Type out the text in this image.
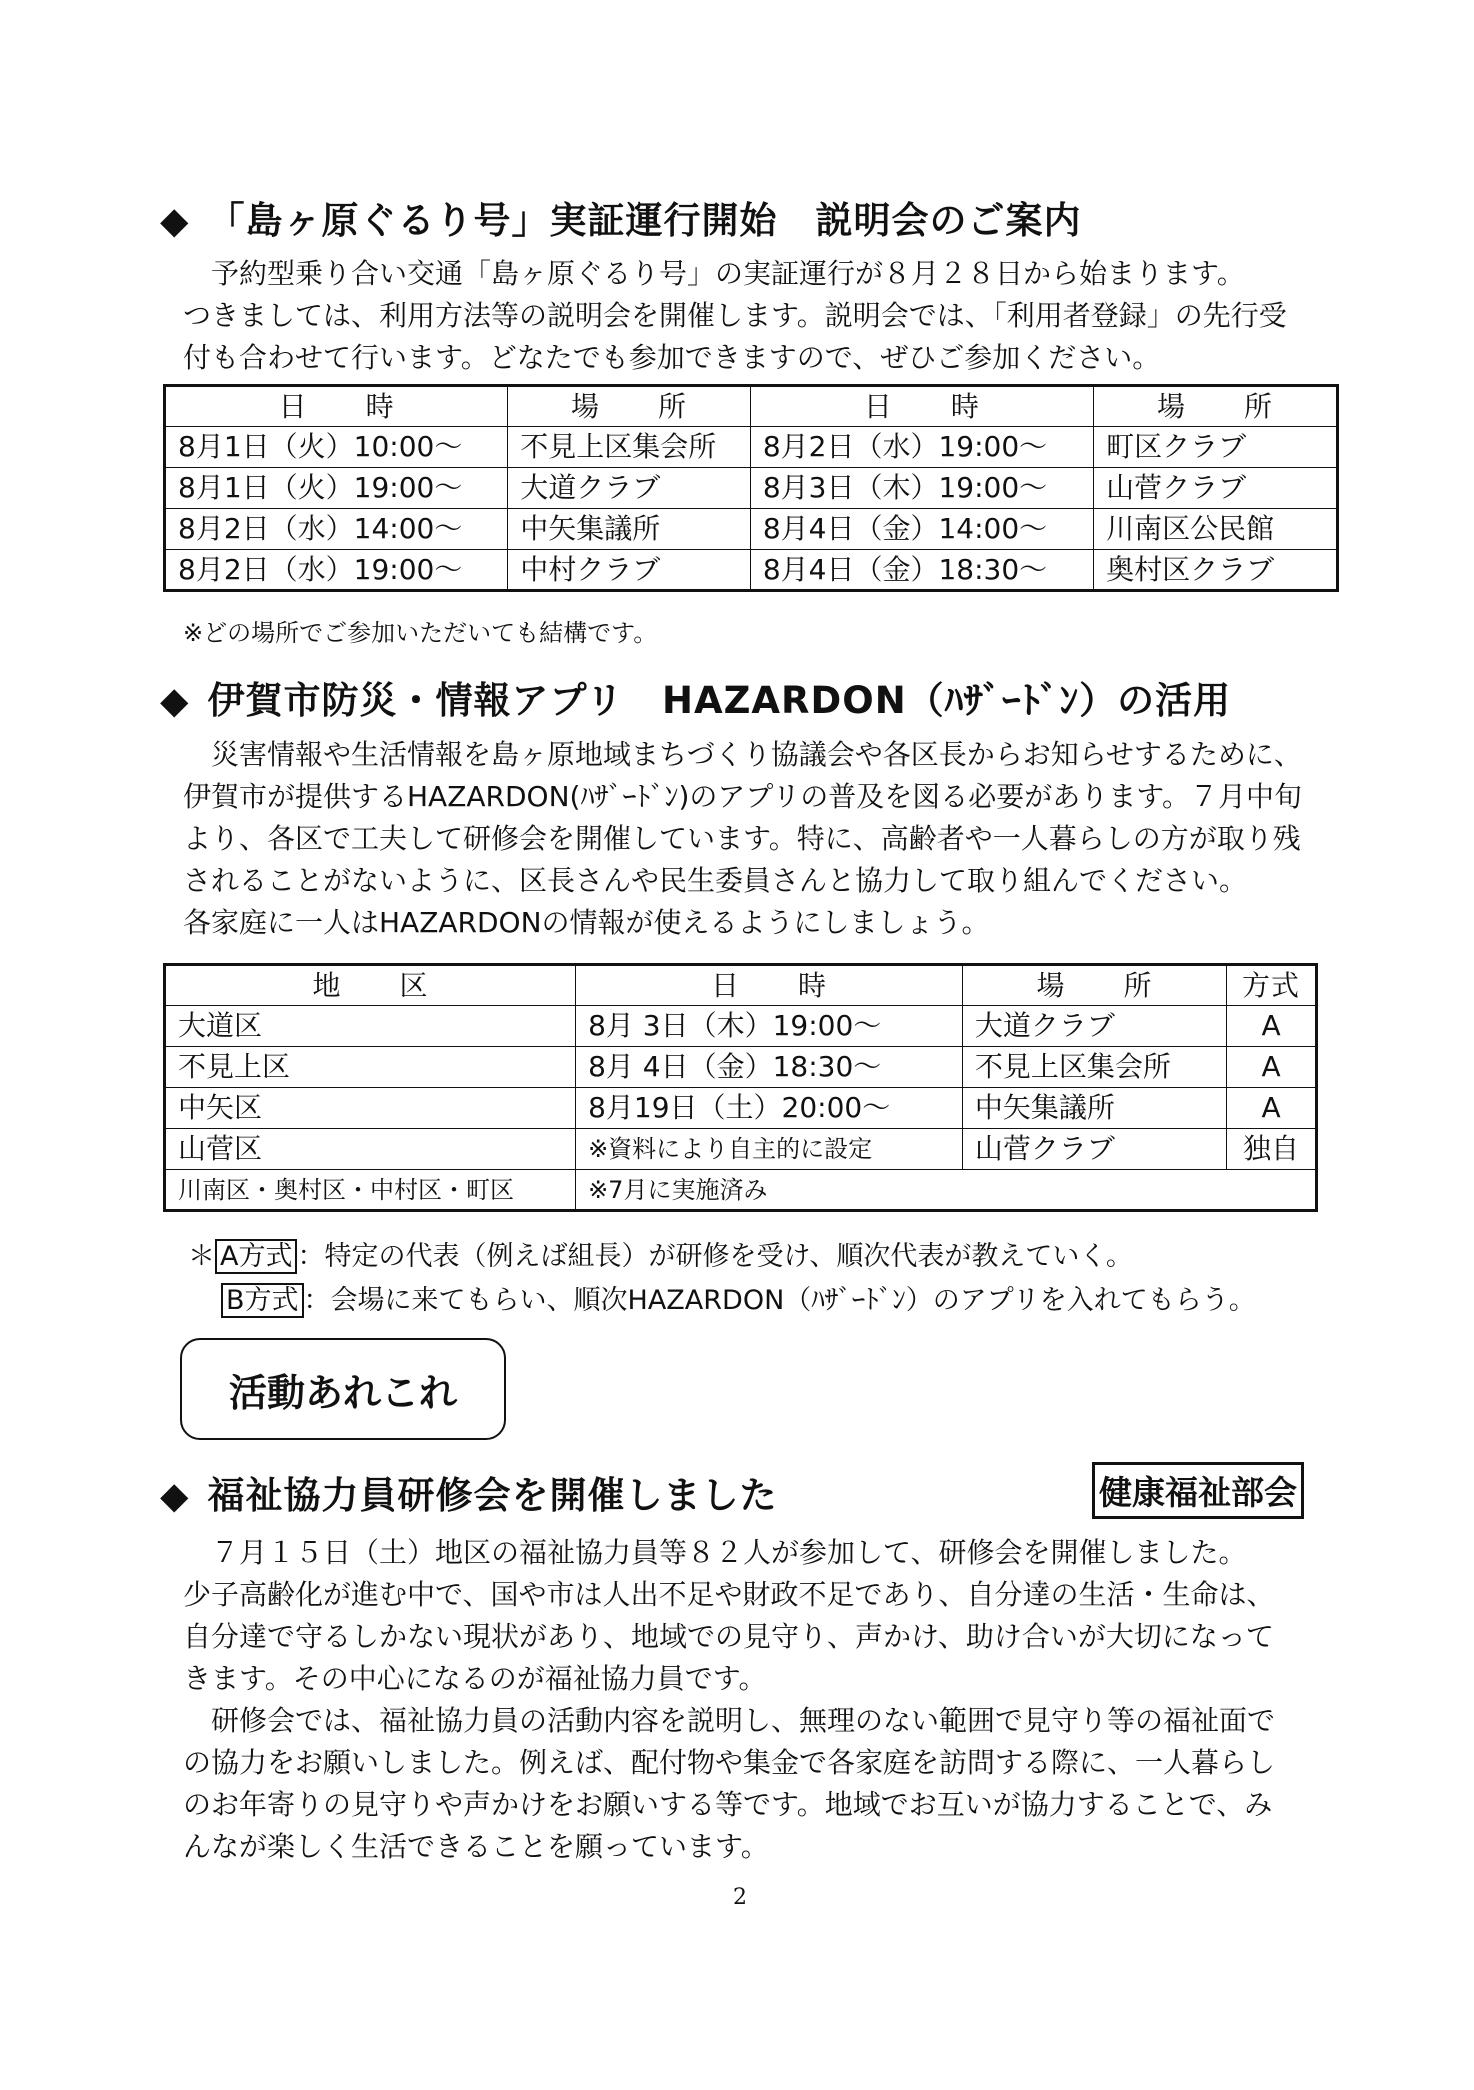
◆ 「島ヶ原ぐるり号」実証運行開始　説明会のご案内

　予約型乗り合い交通「島ヶ原ぐるり号」の実証運行が８月２８日から始まります。

つきましては、利用方法等の説明会を開催します。説明会では、「利用者登録」の先行受

付も合わせて行います。どなたでも参加できますので、ぜひご参加ください。

日　　時	場　　所	日　　時	場　　所
8月1日（火）10:00～	不見上区集会所	8月2日（水）19:00～	町区クラブ
8月1日（火）19:00～	大道クラブ	8月3日（木）19:00～	山菅クラブ
8月2日（水）14:00～	中矢集議所	8月4日（金）14:00～	川南区公民館
8月2日（水）19:00～	中村クラブ	8月4日（金）18:30～	奥村区クラブ
※どの場所でご参加いただいても結構です。
◆ 伊賀市防災・情報アプリ　HAZARDON（ﾊｻﾞｰﾄﾞﾝ）の活用

　災害情報や生活情報を島ヶ原地域まちづくり協議会や各区長からお知らせするために、

伊賀市が提供するHAZARDON(ﾊｻﾞｰﾄﾞﾝ)のアプリの普及を図る必要があります。７月中旬

より、各区で工夫して研修会を開催しています。特に、高齢者や一人暮らしの方が取り残

されることがないように、区長さんや民生委員さんと協力して取り組んでください。

各家庭に一人はHAZARDONの情報が使えるようにしましょう。

地　　区	日　　時	場　　所	方式
大道区	8月 3日（木）19:00～	大道クラブ	A
不見上区	8月 4日（金）18:30～	不見上区集会所	A
中矢区	8月19日（土）20:00～	中矢集議所	A
山菅区	※資料により自主的に設定	山菅クラブ	独自
川南区・奥村区・中村区・町区	※7月に実施済み		

＊ A方式 ：特定の代表（例えば組長）が研修を受け、順次代表が教えていく。

B方式 ：会場に来てもらい、順次HAZARDON（ﾊｻﾞｰﾄﾞﾝ）のアプリを入れてもらう。

活動あれこれ
◆ 福祉協力員研修会を開催しました	健康福祉部会

　７月１５日（土）地区の福祉協力員等８２人が参加して、研修会を開催しました。

少子高齢化が進む中で、国や市は人出不足や財政不足であり、自分達の生活・生命は、

自分達で守るしかない現状があり、地域での見守り、声かけ、助け合いが大切になって

きます。その中心になるのが福祉協力員です。

　研修会では、福祉協力員の活動内容を説明し、無理のない範囲で見守り等の福祉面で

の協力をお願いしました。例えば、配付物や集金で各家庭を訪問する際に、一人暮らし

のお年寄りの見守りや声かけをお願いする等です。地域でお互いが協力することで、み

んなが楽しく生活できることを願っています。

2
